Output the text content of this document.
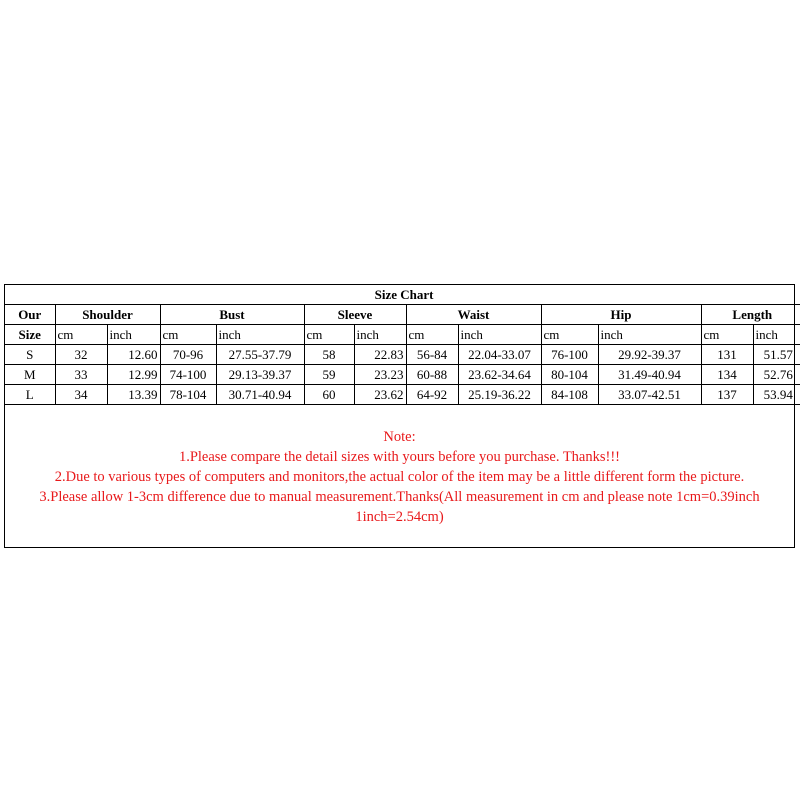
Size Chart												
Our	Shoulder		Bust		Sleeve		Waist		Hip		Length	
Size	cm	inch	cm	inch	cm	inch	cm	inch	cm	inch	cm	inch
S	32	12.60	70-96	27.55-37.79	58	22.83	56-84	22.04-33.07	76-100	29.92-39.37	131	51.57
M	33	12.99	74-100	29.13-39.37	59	23.23	60-88	23.62-34.64	80-104	31.49-40.94	134	52.76
L	34	13.39	78-104	30.71-40.94	60	23.62	64-92	25.19-36.22	84-108	33.07-42.51	137	53.94
Note:
1.Please compare the detail sizes with yours before you purchase. Thanks!!!
2.Due to various types of computers and monitors,the actual color of the item may be a little different form the picture.
3.Please allow 1-3cm difference due to manual measurement.Thanks(All measurement in cm and please note 1cm=0.39inch
1inch=2.54cm)
